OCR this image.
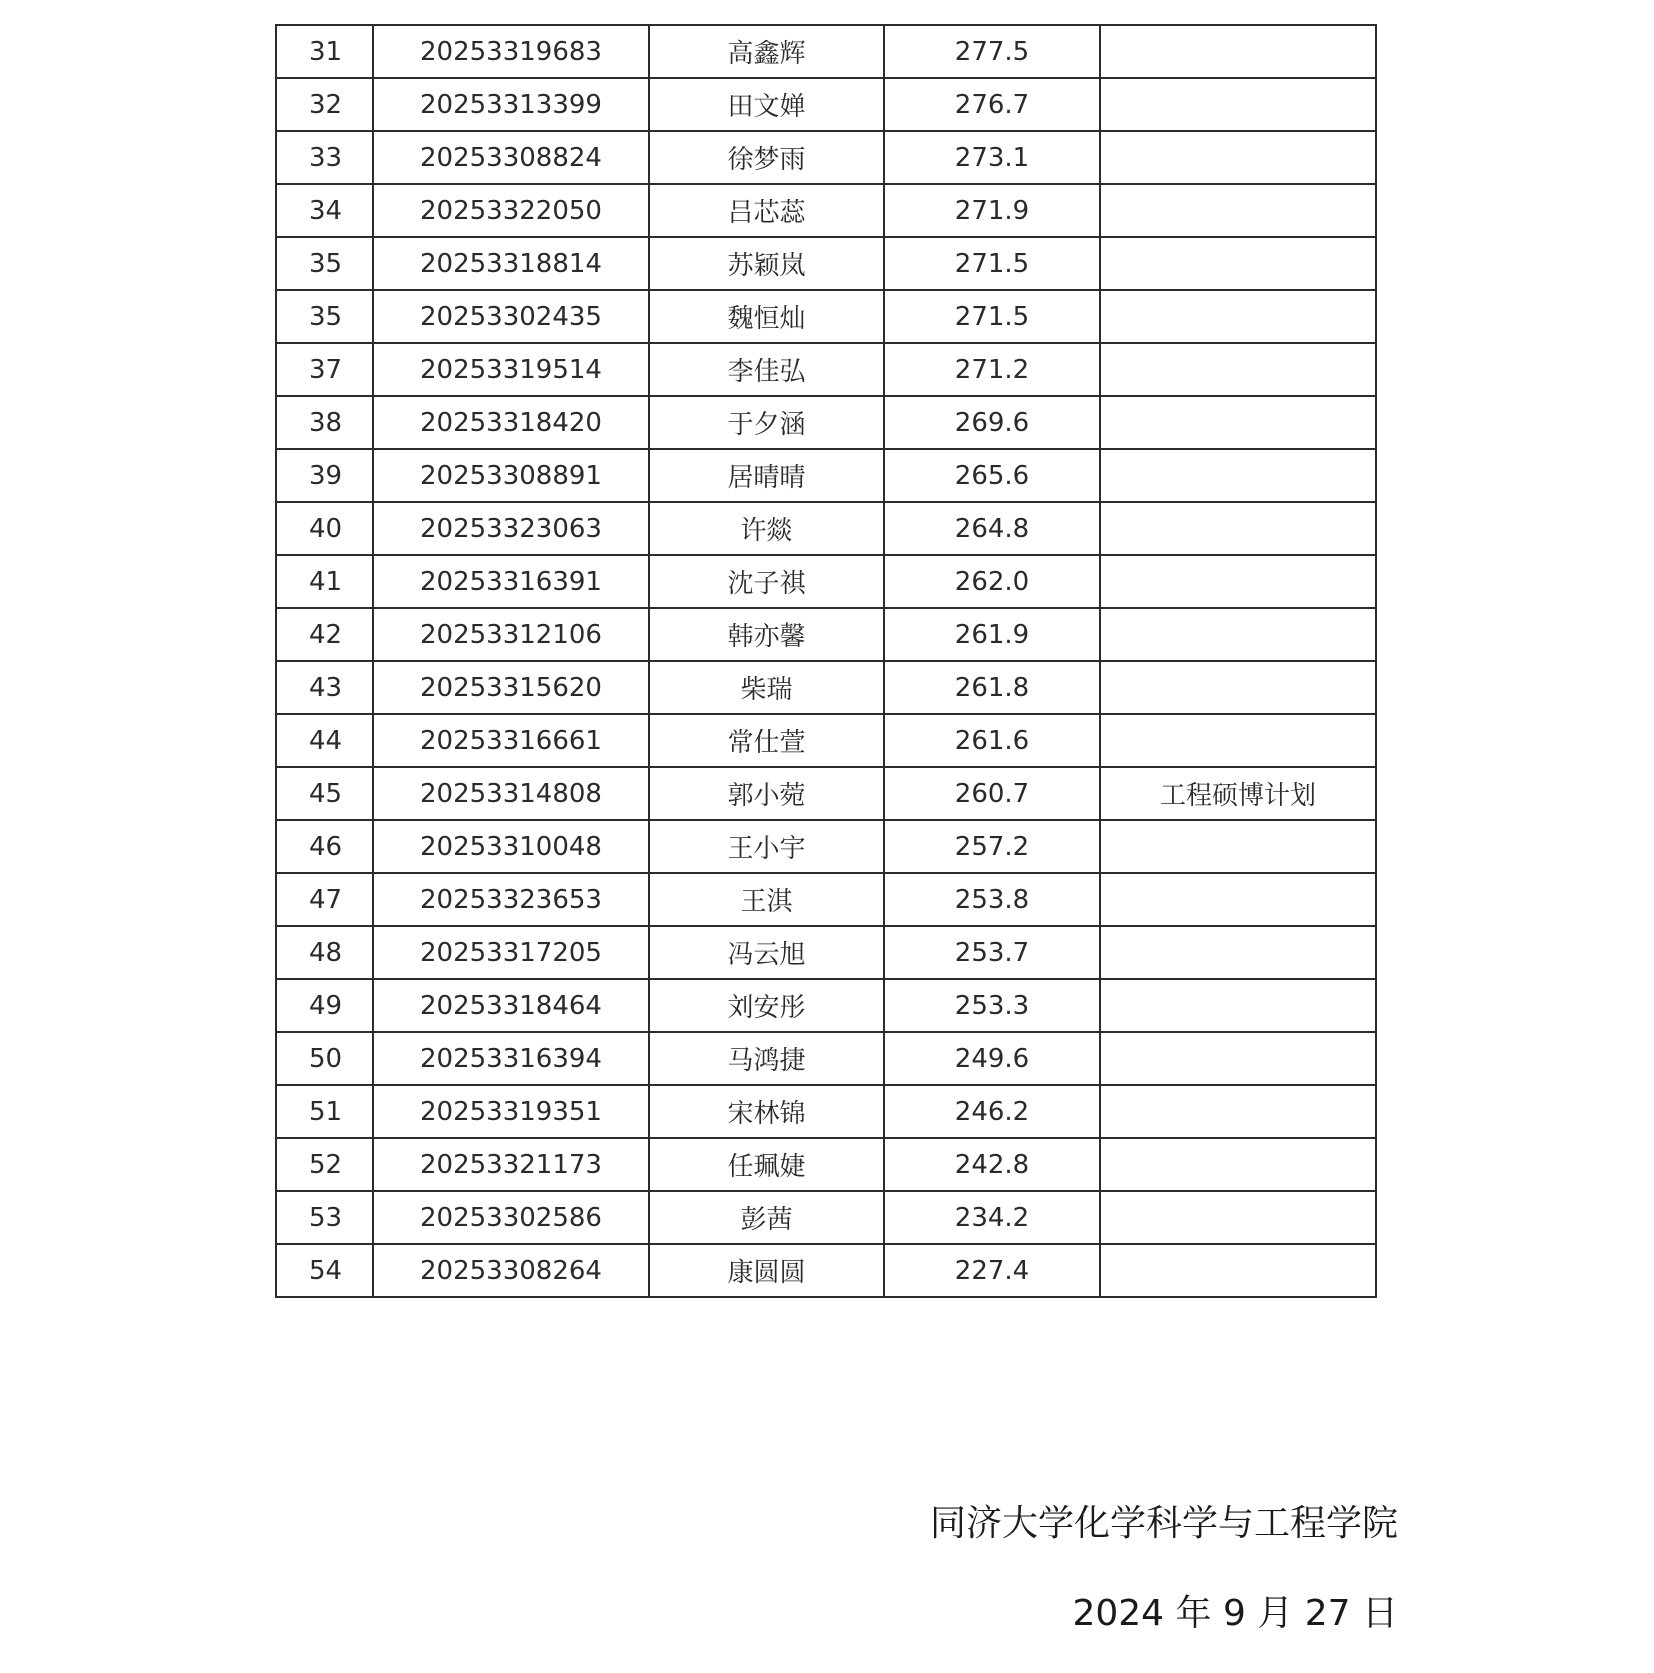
31	20253319683	高鑫辉	277.5	
32	20253313399	田文婵	276.7	
33	20253308824	徐梦雨	273.1	
34	20253322050	吕芯蕊	271.9	
35	20253318814	苏颖岚	271.5	
35	20253302435	魏恒灿	271.5	
37	20253319514	李佳弘	271.2	
38	20253318420	于夕涵	269.6	
39	20253308891	居晴晴	265.6	
40	20253323063	许燚	264.8	
41	20253316391	沈子祺	262.0	
42	20253312106	韩亦馨	261.9	
43	20253315620	柴瑞	261.8	
44	20253316661	常仕萱	261.6	
45	20253314808	郭小菀	260.7	工程硕博计划
46	20253310048	王小宇	257.2	
47	20253323653	王淇	253.8	
48	20253317205	冯云旭	253.7	
49	20253318464	刘安彤	253.3	
50	20253316394	马鸿捷	249.6	
51	20253319351	宋林锦	246.2	
52	20253321173	任珮婕	242.8	
53	20253302586	彭茜	234.2	
54	20253308264	康圆圆	227.4	
同济大学化学科学与工程学院
2024 年 9 月 27 日
